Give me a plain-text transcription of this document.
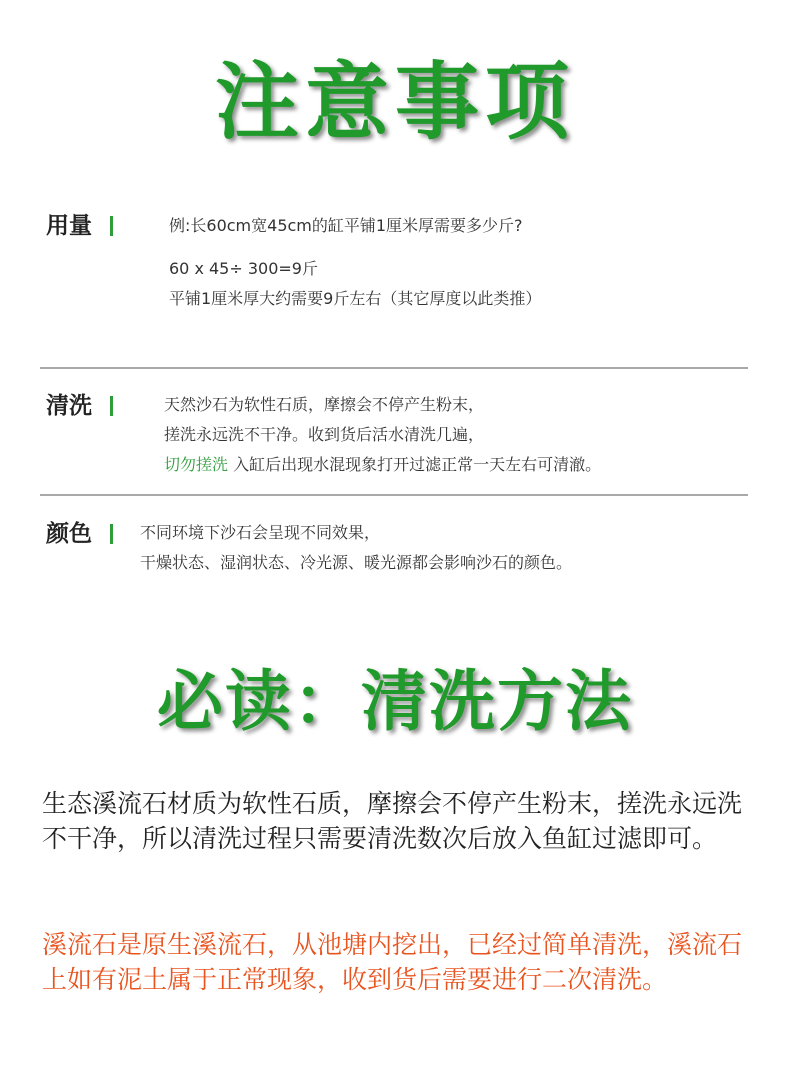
注意事项
用量	例:长60cm宽45cm的缸平铺1厘米厚需要多少斤?
60 x 45÷ 300=9斤
平铺1厘米厚大约需要9斤左右（其它厚度以此类推）
清洗	天然沙石为软性石质，摩擦会不停产生粉末，
搓洗永远洗不干净。收到货后活水清洗几遍，
切勿搓洗 入缸后出现水混现象打开过滤正常一天左右可清澈。
颜色	不同环境下沙石会呈现不同效果，
干燥状态、湿润状态、冷光源、暖光源都会影响沙石的颜色。
必读：清洗方法
生态溪流石材质为软性石质，摩擦会不停产生粉末，搓洗永远洗不干净，所以清洗过程只需要清洗数次后放入鱼缸过滤即可。
溪流石是原生溪流石，从池塘内挖出，已经过简单清洗，溪流石上如有泥土属于正常现象，收到货后需要进行二次清洗。
